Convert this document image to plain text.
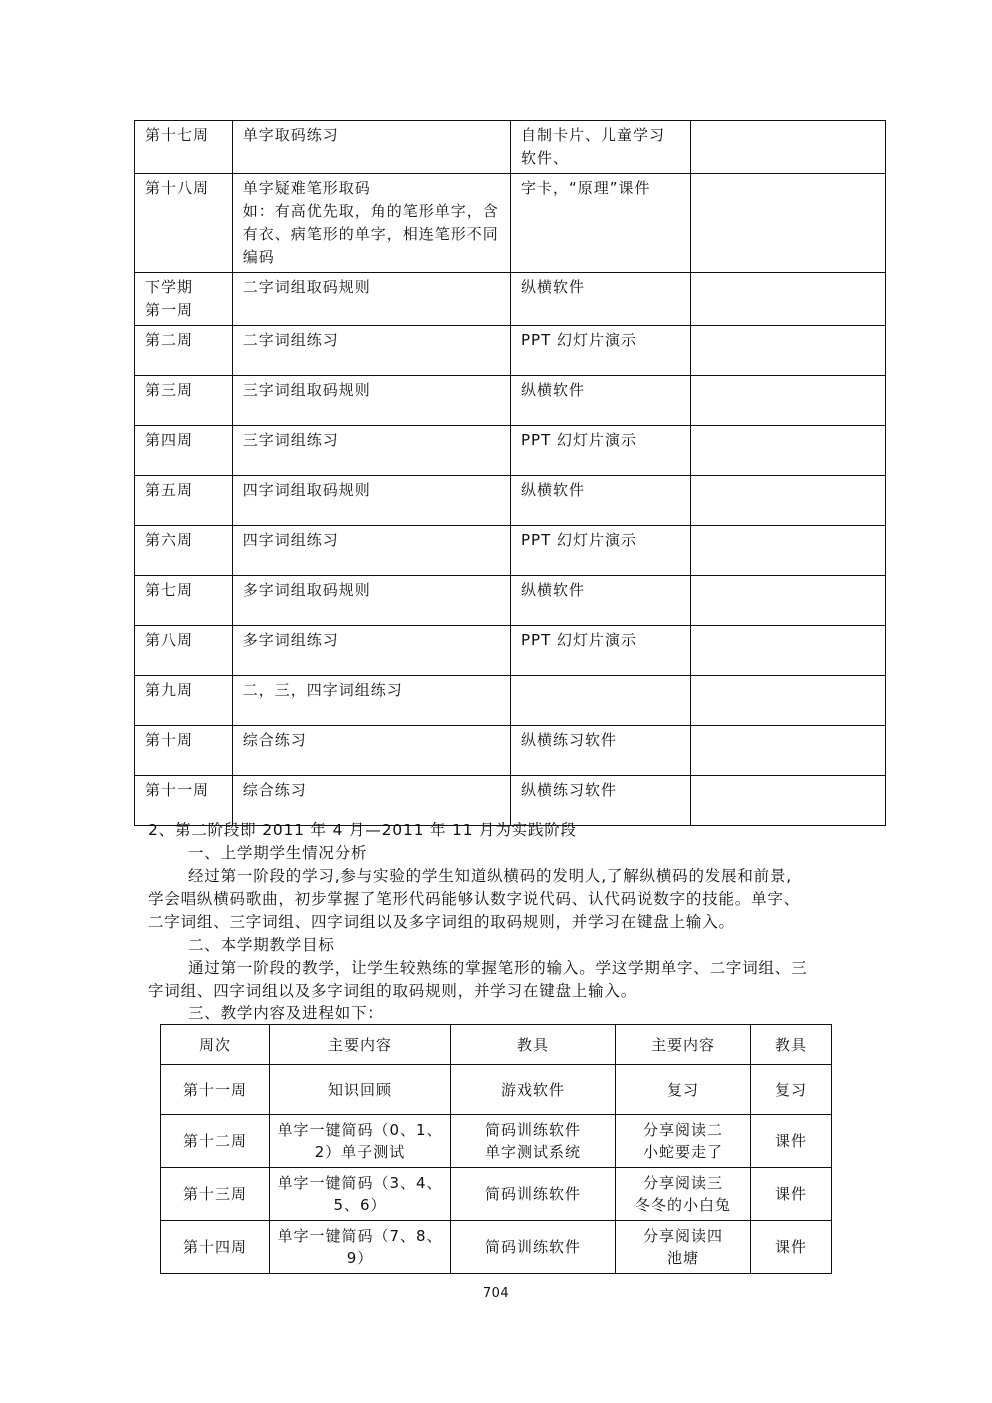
第十七周	单字取码练习	自制卡片、儿童学习软件、	
第十八周	单字疑难笔形取码
如：有高优先取，角的笔形单字，含有衣、病笔形的单字，相连笔形不同编码	字卡，“原理”课件	
下学期
第一周	二字词组取码规则	纵横软件	
第二周	二字词组练习	PPT 幻灯片演示	
第三周	三字词组取码规则	纵横软件	
第四周	三字词组练习	PPT 幻灯片演示	
第五周	四字词组取码规则	纵横软件	
第六周	四字词组练习	PPT 幻灯片演示	
第七周	多字词组取码规则	纵横软件	
第八周	多字词组练习	PPT 幻灯片演示	
第九周	二，三，四字词组练习		
第十周	综合练习	纵横练习软件	
第十一周	综合练习	纵横练习软件	
2、第二阶段即 2011 年 4 月—2011 年 11 月为实践阶段
一、上学期学生情况分析
经过第一阶段的学习,参与实验的学生知道纵横码的发明人,了解纵横码的发展和前景,
学会唱纵横码歌曲，初步掌握了笔形代码能够认数字说代码、认代码说数字的技能。单字、
二字词组、三字词组、四字词组以及多字词组的取码规则，并学习在键盘上输入。
二、本学期教学目标
通过第一阶段的教学，让学生较熟练的掌握笔形的输入。学这学期单字、二字词组、三
字词组、四字词组以及多字词组的取码规则，并学习在键盘上输入。
三、教学内容及进程如下：
周次	主要内容	教具	主要内容	教具
第十一周	知识回顾	游戏软件	复习	复习
第十二周	单字一键简码（0、1、2）单子测试	简码训练软件
单字测试系统	分享阅读二
小蛇要走了	课件
第十三周	单字一键简码（3、4、5、6）	简码训练软件	分享阅读三
冬冬的小白兔	课件
第十四周	单字一键简码（7、8、9）	简码训练软件	分享阅读四
池塘	课件
704
